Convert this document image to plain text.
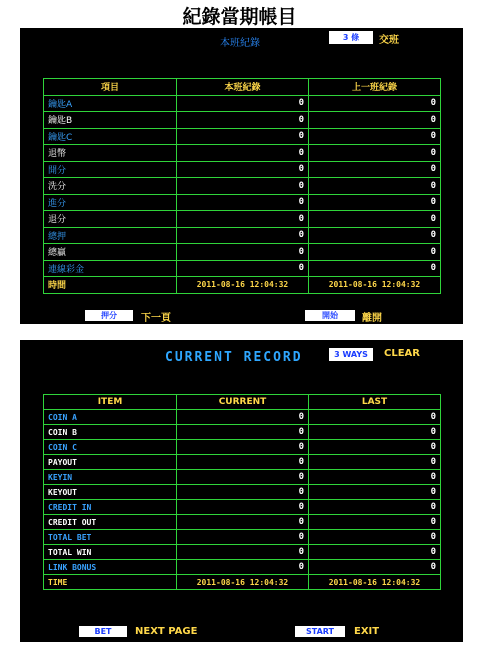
紀錄當期帳目
本班紀錄
3 條	交班
項目	本班紀錄	上一班紀錄
鑰匙A	0	0
鑰匙B	0	0
鑰匙C	0	0
退幣	0	0
開分	0	0
洗分	0	0
進分	0	0
退分	0	0
總押	0	0
總贏	0	0
連線彩金	0	0
時間	2011-08-16 12:04:32	2011-08-16 12:04:32
押分	下一頁	開始	離開
CURRENT RECORD	3 WAYS	CLEAR
ITEM	CURRENT	LAST
COIN A	0	0
COIN B	0	0
COIN C	0	0
PAYOUT	0	0
KEYIN	0	0
KEYOUT	0	0
CREDIT IN	0	0
CREDIT OUT	0	0
TOTAL BET	0	0
TOTAL WIN	0	0
LINK BONUS	0	0
TIME	2011-08-16 12:04:32	2011-08-16 12:04:32
BET	NEXT PAGE	START	EXIT
